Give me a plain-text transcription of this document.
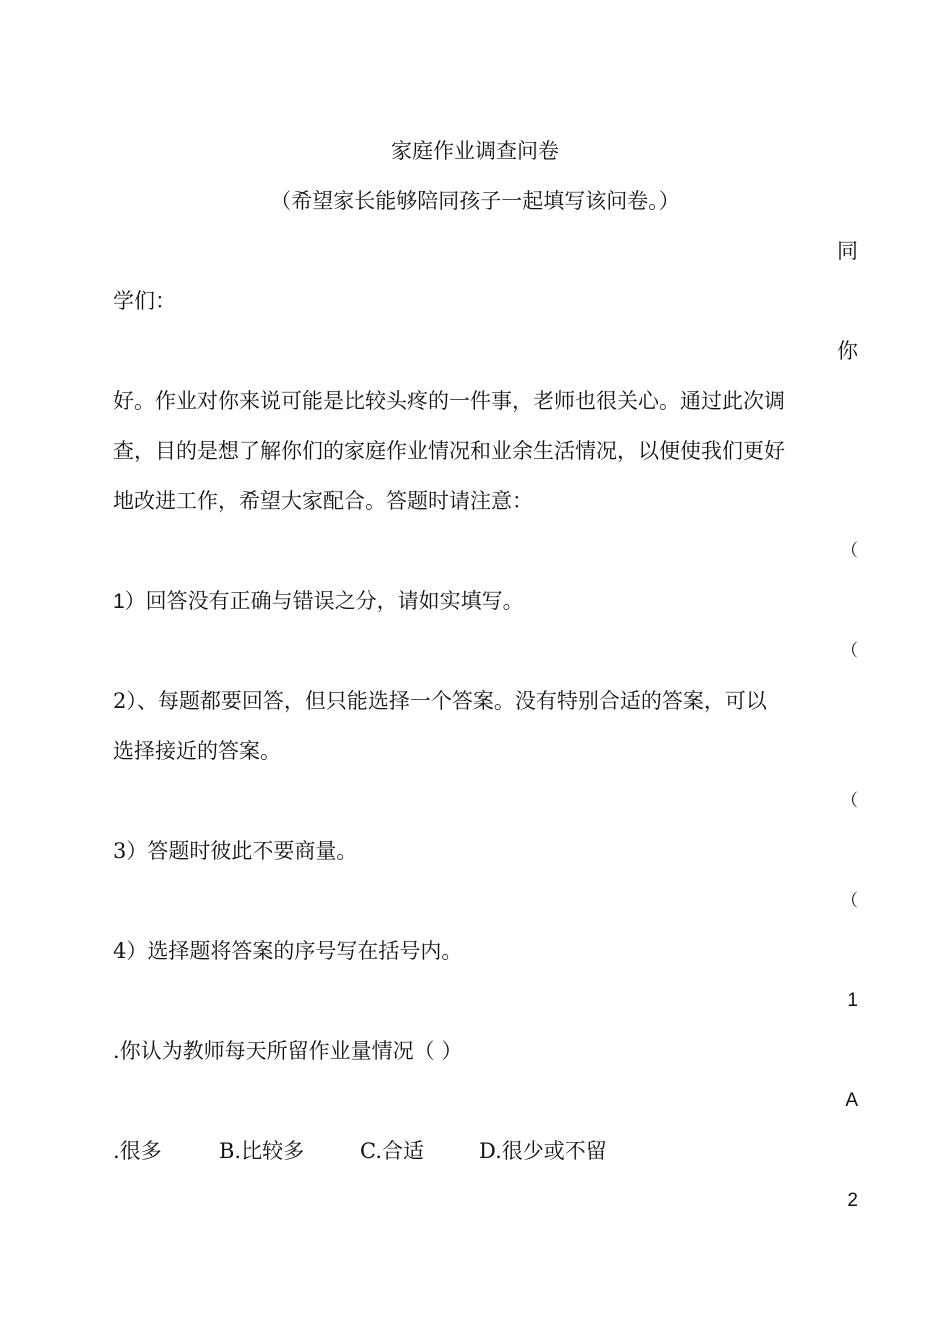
家庭作业调查问卷
（希望家长能够陪同孩子一起填写该问卷。）
同
学们：
你
好。作业对你来说可能是比较头疼的一件事，老师也很关心。通过此次调
查，目的是想了解你们的家庭作业情况和业余生活情况，以便使我们更好
地改进工作，希望大家配合。答题时请注意：
（
1）回答没有正确与错误之分，请如实填写。
（
2）、每题都要回答，但只能选择一个答案。没有特别合适的答案，可以
选择接近的答案。
（
3）答题时彼此不要商量。
（
4）选择题将答案的序号写在括号内。
1
.你认为教师每天所留作业量情况（ ）
A
.很多	B.比较多	C.合适	D.很少或不留
2
